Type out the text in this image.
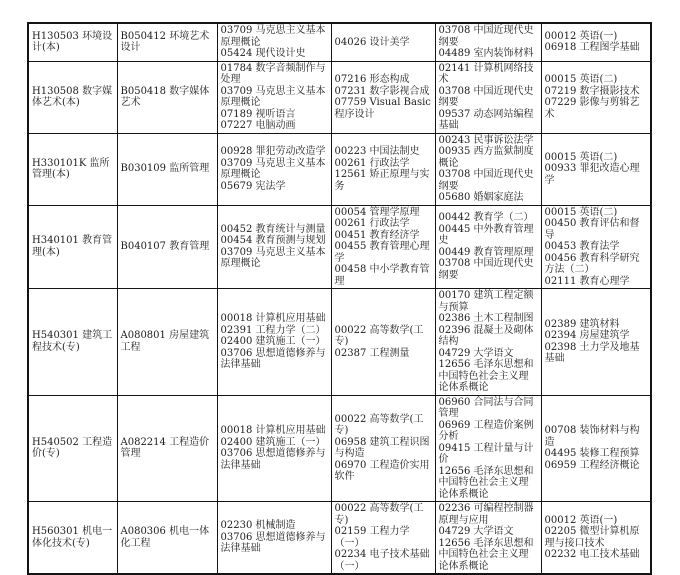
H130503 环境设计(本)	B050412 环境艺术设计	
03709 马克思主义基本原理概论
05424 现代设计史

04026 设计美学

03708 中国近现代史纲要
04489 室内装饰材料

00012 英语(一)
06918 工程图学基础

H130508 数字媒体艺术(本)	B050418 数字媒体艺术	
01784 数字音频制作与处理
03709 马克思主义基本原理概论
07189 视听语言
07227 电脑动画

07216 形态构成
07231 数字影视合成
07759 Visual Basic程序设计

02141 计算机网络技术
03708 中国近现代史纲要
09537 动态网站编程基础

00015 英语(二)
07219 数字摄影技术
07229 影像与剪辑艺术

H330101K 监所管理(本)	B030109 监所管理	
00928 罪犯劳动改造学
03709 马克思主义基本原理概论
05679 宪法学

00223 中国法制史
00261 行政法学
12561 矫正原理与实务

00243 民事诉讼法学
00935 西方监狱制度概论
03708 中国近现代史纲要
05680 婚姻家庭法

00015 英语(二)
00933 罪犯改造心理学

H340101 教育管理(本)	B040107 教育管理	
00452 教育统计与测量
00454 教育预测与规划
03709 马克思主义基本原理概论

00054 管理学原理
00261 行政法学
00451 教育经济学
00455 教育管理心理学
00458 中小学教育管理

00442 教育学（二）
00445 中外教育管理史
00449 教育管理原理
03708 中国近现代史纲要

00015 英语(二)
00450 教育评估和督导
00453 教育法学
00456 教育科学研究方法（二）
02111 教育心理学

H540301 建筑工程技术(专)	A080801 房屋建筑工程	
00018 计算机应用基础
02391 工程力学（二）
02400 建筑施工（一）
03706 思想道德修养与法律基础

00022 高等数学(工专)
02387 工程测量

00170 建筑工程定额与预算
02386 土木工程制图
02396 混凝土及砌体结构
04729 大学语文
12656 毛泽东思想和中国特色社会主义理论体系概论

02389 建筑材料
02394 房屋建筑学
02398 土力学及地基基础

H540502 工程造价(专)	A082214 工程造价管理	
00018 计算机应用基础
02400 建筑施工（一）
03706 思想道德修养与法律基础

00022 高等数学(工专)
06958 建筑工程识图与构造
06970 工程造价实用软件

06960 合同法与合同管理
06969 工程造价案例分析
09415 工程计量与计价
12656 毛泽东思想和中国特色社会主义理论体系概论

00708 装饰材料与构造
04495 装修工程预算
06959 工程经济概论

H560301 机电一体化技术(专)	A080306 机电一体化工程	
02230 机械制造
03706 思想道德修养与法律基础

00022 高等数学(工专)
02159 工程力学（一）
02234 电子技术基础（一）

02236 可编程控制器原理与应用
04729 大学语文
12656 毛泽东思想和中国特色社会主义理论体系概论

00012 英语(一)
02205 微型计算机原理与接口技术
02232 电工技术基础
